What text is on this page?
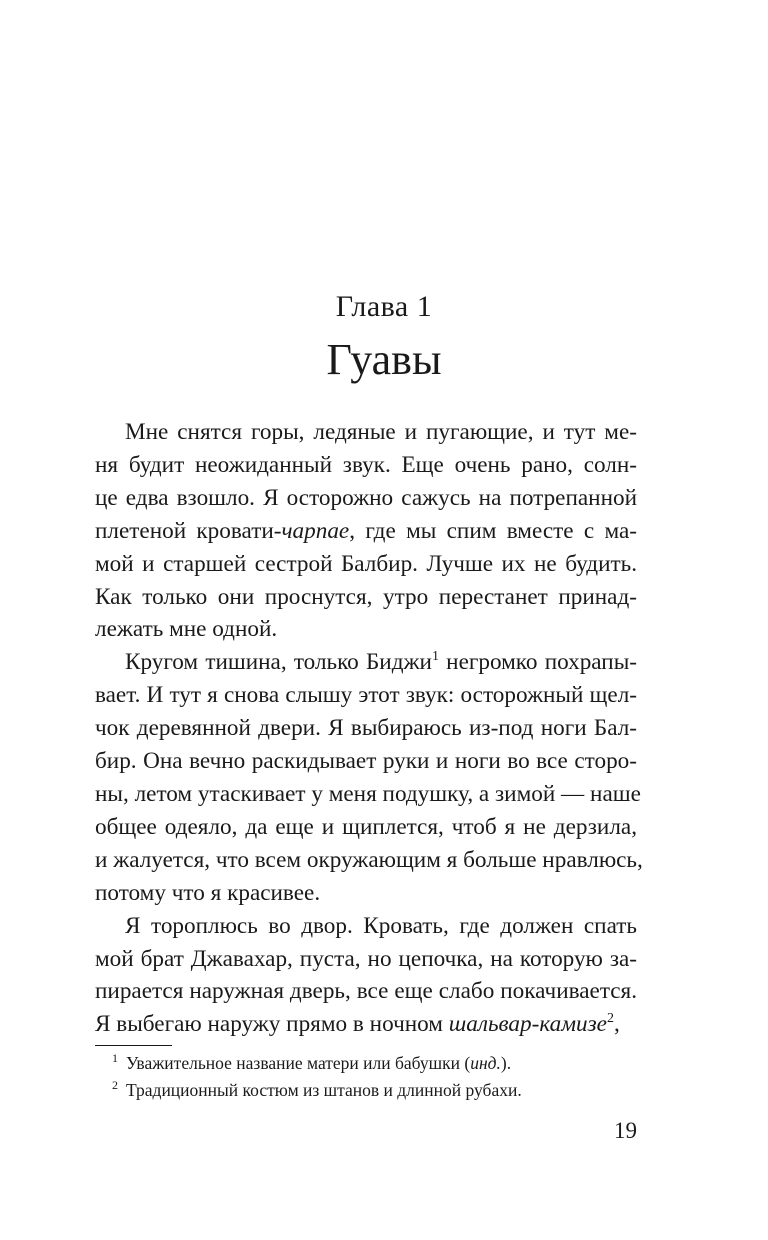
Глава 1
Гуавы
Мне снятся горы, ледяные и пугающие, и тут ме-
ня будит неожиданный звук. Еще очень рано, солн-
це едва взошло. Я осторожно сажусь на потрепанной
плетеной кровати-чарпае, где мы спим вместе с ма-
мой и старшей сестрой Балбир. Лучше их не будить.
Как только они проснутся, утро перестанет принад-
лежать мне одной.
Кругом тишина, только Биджи$^1$ негромко похрапы-
вает. И тут я снова слышу этот звук: осторожный щел-
чок деревянной двери. Я выбираюсь из-под ноги Бал-
бир. Она вечно раскидывает руки и ноги во все сторо-
ны, летом утаскивает у меня подушку, а зимой — наше
общее одеяло, да еще и щиплется, чтоб я не дерзила,
и жалуется, что всем окружающим я больше нравлюсь,
потому что я красивее.
Я тороплюсь во двор. Кровать, где должен спать
мой брат Джавахар, пуста, но цепочка, на которую за-
пирается наружная дверь, все еще слабо покачивается.
Я выбегаю наружу прямо в ночном шальвар-камизе$^2$,
$^1$ Уважительное название матери или бабушки (инд.).
$^2$ Традиционный костюм из штанов и длинной рубахи.
19
